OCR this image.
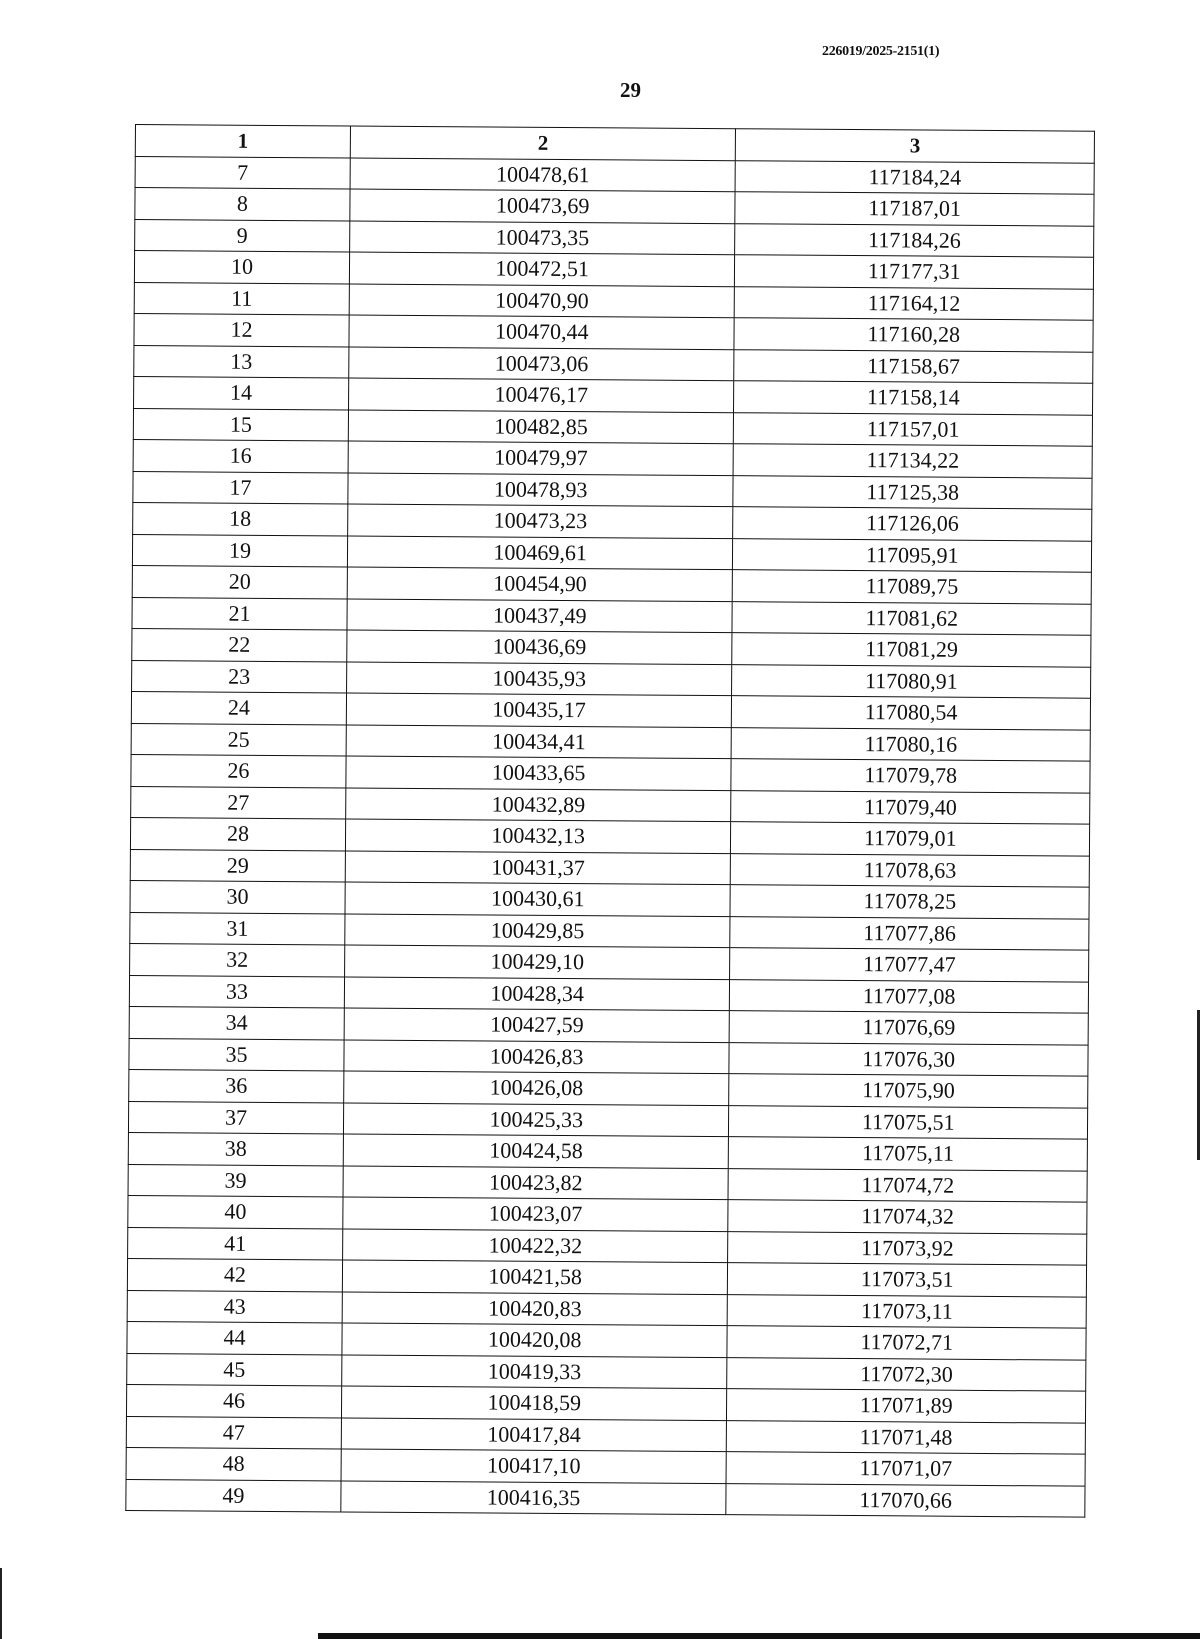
226019/2025-2151(1)
29
1	2	3
7	100478,61	117184,24
8	100473,69	117187,01
9	100473,35	117184,26
10	100472,51	117177,31
11	100470,90	117164,12
12	100470,44	117160,28
13	100473,06	117158,67
14	100476,17	117158,14
15	100482,85	117157,01
16	100479,97	117134,22
17	100478,93	117125,38
18	100473,23	117126,06
19	100469,61	117095,91
20	100454,90	117089,75
21	100437,49	117081,62
22	100436,69	117081,29
23	100435,93	117080,91
24	100435,17	117080,54
25	100434,41	117080,16
26	100433,65	117079,78
27	100432,89	117079,40
28	100432,13	117079,01
29	100431,37	117078,63
30	100430,61	117078,25
31	100429,85	117077,86
32	100429,10	117077,47
33	100428,34	117077,08
34	100427,59	117076,69
35	100426,83	117076,30
36	100426,08	117075,90
37	100425,33	117075,51
38	100424,58	117075,11
39	100423,82	117074,72
40	100423,07	117074,32
41	100422,32	117073,92
42	100421,58	117073,51
43	100420,83	117073,11
44	100420,08	117072,71
45	100419,33	117072,30
46	100418,59	117071,89
47	100417,84	117071,48
48	100417,10	117071,07
49	100416,35	117070,66
